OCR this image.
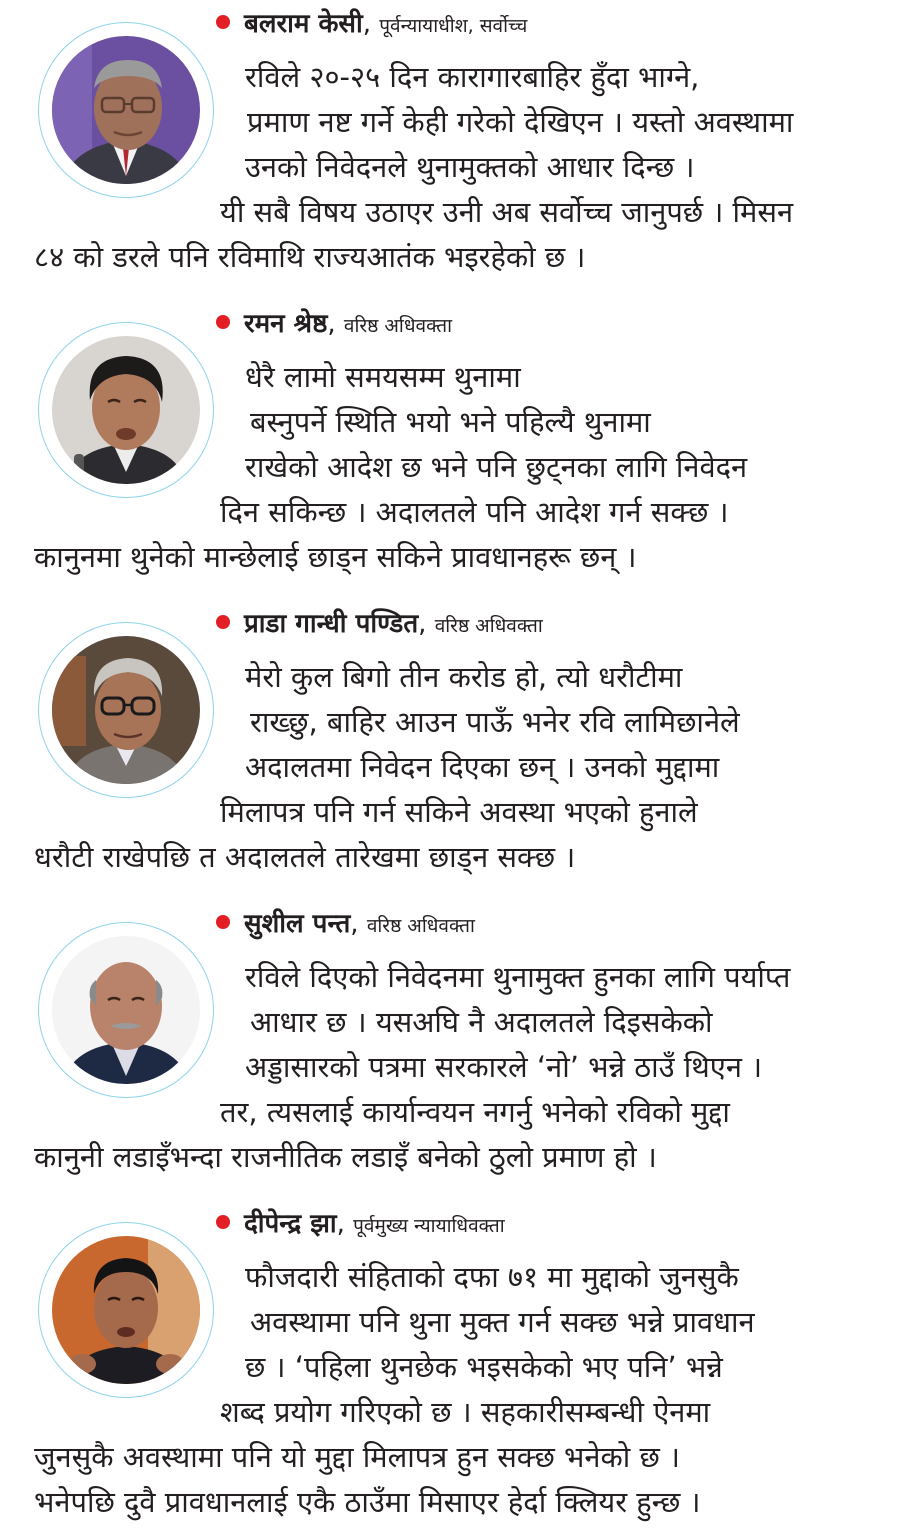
बलराम केसी , पूर्वन्यायाधीश, सर्वोच्च
रविले २०-२५ दिन कारागारबाहिर हुँदा भाग्ने,
प्रमाण नष्ट गर्ने केही गरेको देखिएन । यस्तो अवस्थामा
उनको निवेदनले थुनामुक्तको आधार दिन्छ ।
यी सबै विषय उठाएर उनी अब सर्वोच्च जानुपर्छ । मिसन
८४ को डरले पनि रविमाथि राज्यआतंक भइरहेको छ ।
रमन श्रेष्ठ , वरिष्ठ अधिवक्ता
धेरै लामो समयसम्म थुनामा
बस्नुपर्ने स्थिति भयो भने पहिल्यै थुनामा
राखेको आदेश छ भने पनि छुट्नका लागि निवेदन
दिन सकिन्छ । अदालतले पनि आदेश गर्न सक्छ ।
कानुनमा थुनेको मान्छेलाई छाड्न सकिने प्रावधानहरू छन् ।
प्राडा गान्धी पण्डित , वरिष्ठ अधिवक्ता
मेरो कुल बिगो तीन करोड हो, त्यो धरौटीमा
राख्छु, बाहिर आउन पाऊँ भनेर रवि लामिछानेले
अदालतमा निवेदन दिएका छन् । उनको मुद्दामा
मिलापत्र पनि गर्न सकिने अवस्था भएको हुनाले
धरौटी राखेपछि त अदालतले तारेखमा छाड्न सक्छ ।
सुशील पन्त , वरिष्ठ अधिवक्ता
रविले दिएको निवेदनमा थुनामुक्त हुनका लागि पर्याप्त
आधार छ । यसअघि नै अदालतले दिइसकेको
अड्डासारको पत्रमा सरकारले ‘नो’ भन्ने ठाउँ थिएन ।
तर, त्यसलाई कार्यान्वयन नगर्नु भनेको रविको मुद्दा
कानुनी लडाइँभन्दा राजनीतिक लडाइँ बनेको ठुलो प्रमाण हो ।
दीपेन्द्र झा , पूर्वमुख्य न्यायाधिवक्ता
फौजदारी संहिताको दफा ७१ मा मुद्दाको जुनसुकै
अवस्थामा पनि थुना मुक्त गर्न सक्छ भन्ने प्रावधान
छ । ‘पहिला थुनछेक भइसकेको भए पनि’ भन्ने
शब्द प्रयोग गरिएको छ । सहकारीसम्बन्धी ऐनमा
जुनसुकै अवस्थामा पनि यो मुद्दा मिलापत्र हुन सक्छ भनेको छ ।
भनेपछि दुवै प्रावधानलाई एकै ठाउँमा मिसाएर हेर्दा क्लियर हुन्छ ।
